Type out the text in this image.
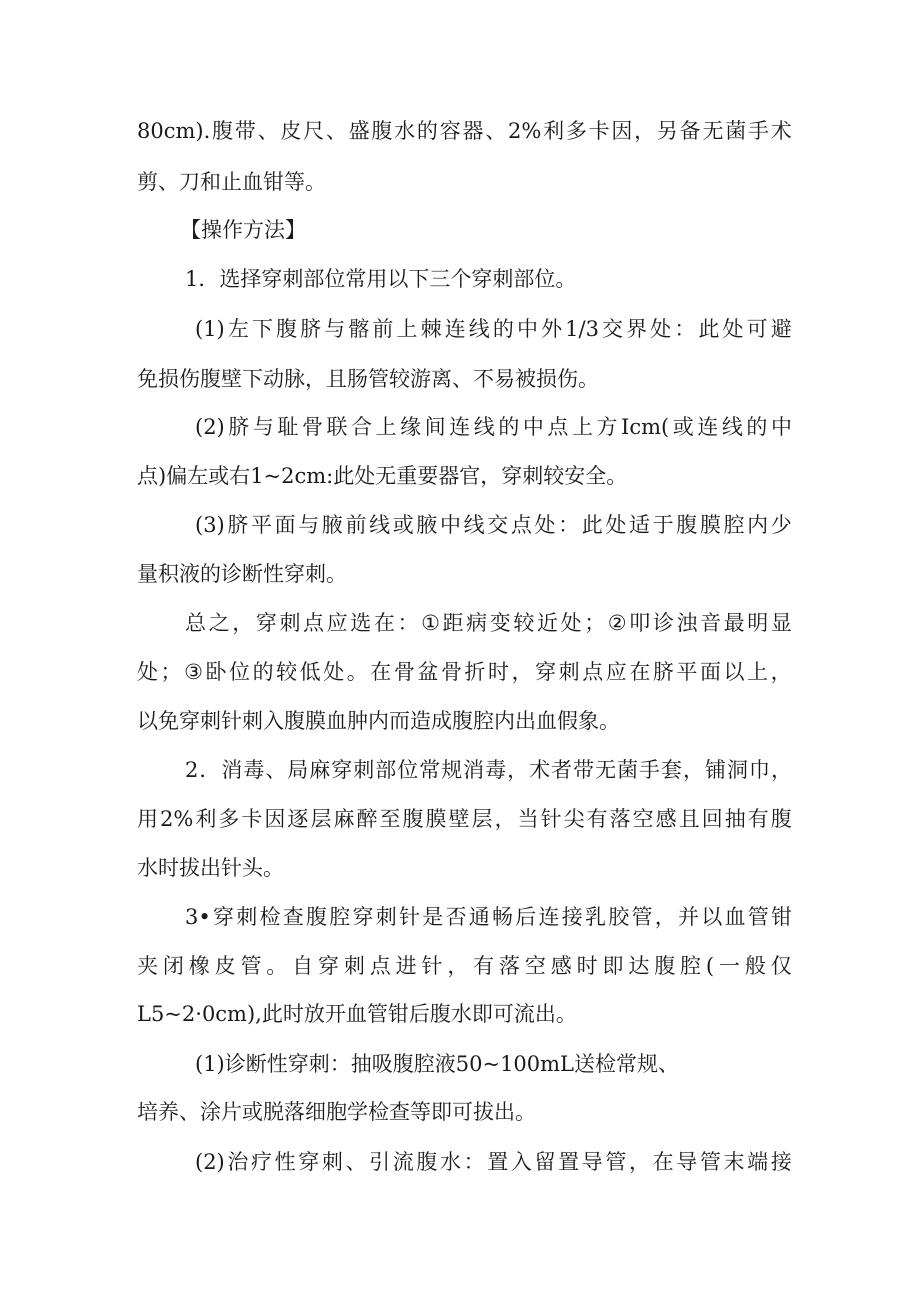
80cm). 腹 带 、 皮 尺 、 盛 腹 水 的 容 器 、 2% 利 多 卡 因 ， 另 备 无 菌 手 术
剪、刀和止血钳等。
【操作方法】
1．选择穿刺部位常用以下三个穿刺部位。
(1) 左 下 腹 脐 与 髂 前 上 棘 连 线 的 中 外 1/3 交 界 处 ： 此 处 可 避
免损伤腹壁下动脉，且肠管较游离、不易被损伤。
(2) 脐 与 耻 骨 联 合 上 缘 间 连 线 的 中 点 上 方 Icm( 或 连 线 的 中
点)偏左或右1~2cm:此处无重要器官，穿刺较安全。
(3) 脐 平 面 与 腋 前 线 或 腋 中 线 交 点 处 ： 此 处 适 于 腹 膜 腔 内 少
量积液的诊断性穿刺。
总 之 ， 穿 刺 点 应 选 在 ： ① 距 病 变 较 近 处 ； ② 叩 诊 浊 音 最 明 显
处 ； ③ 卧 位 的 较 低 处 。 在 骨 盆 骨 折 时 ， 穿 刺 点 应 在 脐 平 面 以 上 ，
以免穿刺针刺入腹膜血肿内而造成腹腔内出血假象。
2 ． 消 毒 、 局 麻 穿 刺 部 位 常 规 消 毒 ， 术 者 带 无 菌 手 套 ， 铺 洞 巾 ，
用 2% 利 多 卡 因 逐 层 麻 醉 至 腹 膜 壁 层 ， 当 针 尖 有 落 空 感 且 回 抽 有 腹
水时拔出针头。
3• 穿 刺 检 查 腹 腔 穿 刺 针 是 否 通 畅 后 连 接 乳 胶 管 ， 并 以 血 管 钳
夹 闭 橡 皮 管 。 自 穿 刺 点 进 针 ， 有 落 空 感 时 即 达 腹 腔 ( 一 般 仅
L5~2·0cm),此时放开血管钳后腹水即可流出。
(1)诊断性穿刺：抽吸腹腔液50~100mL送检常规、
培养、涂片或脱落细胞学检查等即可拔出。
(2) 治 疗 性 穿 刺 、 引 流 腹 水 ： 置 入 留 置 导 管 ， 在 导 管 末 端 接
